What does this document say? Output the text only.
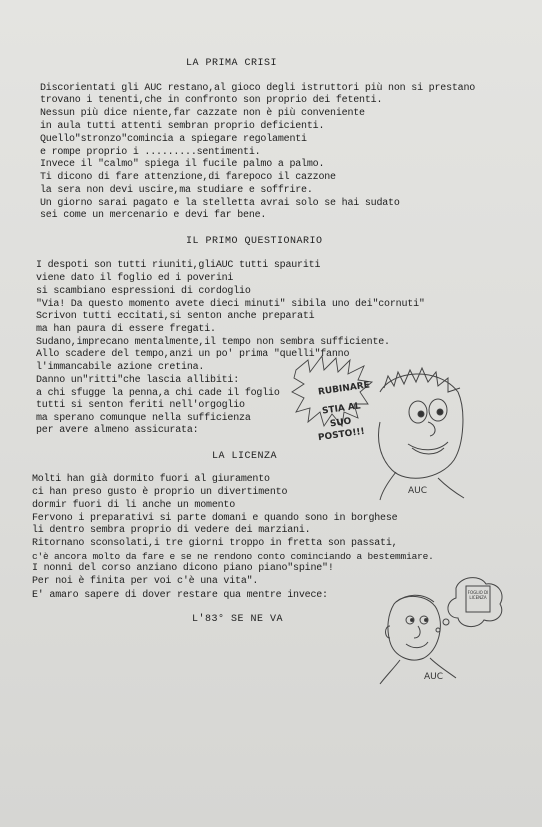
LA PRIMA CRISI
Discorientati gli AUC restano,al gioco degli istruttori più non si prestano
trovano i tenenti,che in confronto son proprio dei fetenti.
Nessun più dice niente,far cazzate non è più conveniente
in aula tutti attenti sembran proprio deficienti.
Quello"stronzo"comincia a spiegare regolamenti
e rompe proprio i .........sentimenti.
Invece il "calmo" spiega il fucile palmo a palmo.
Ti dicono di fare attenzione,di farepoco il cazzone
la sera non devi uscire,ma studiare e soffrire.
Un giorno sarai pagato e la stelletta avrai solo se hai sudato
sei come un mercenario e devi far bene.
IL PRIMO QUESTIONARIO
I despoti son tutti riuniti,gliAUC tutti spauriti
viene dato il foglio ed i poverini
si scambiano espressioni di cordoglio
"Via! Da questo momento avete dieci minuti" sibila uno dei"cornuti"
Scrivon tutti eccitati,si senton anche preparati
ma han paura di essere fregati.
Sudano,imprecano mentalmente,il tempo non sembra sufficiente.
Allo scadere del tempo,anzi un po' prima "quelli"fanno
l'immancabile azione cretina.
Danno un"ritti"che lascia allibiti:
a chi sfugge la penna,a chi cade il foglio
tutti si senton feriti nell'orgoglio
ma sperano comunque nella sufficienza
per avere almeno assicurata:
RUBINARE
STIA AL
SUO
POSTO!!!
AUC
LA LICENZA
Molti han già dormito fuori al giuramento
ci han preso gusto è proprio un divertimento
dormir fuori di li anche un momento
Fervono i preparativi si parte domani e quando sono in borghese
li dentro sembra proprio di vedere dei marziani.
Ritornano sconsolati,i tre giorni troppo in fretta son passati,
c'è ancora molto da fare e se ne rendono conto cominciando a bestemmiare.
I nonni del corso anziano dicono piano piano"spine"!
Per noi è finita per voi c'è una vita".
E' amaro sapere di dover restare qua mentre invece:
L'83° SE NE VA
FOGLIO DI LICENZA
AUC
